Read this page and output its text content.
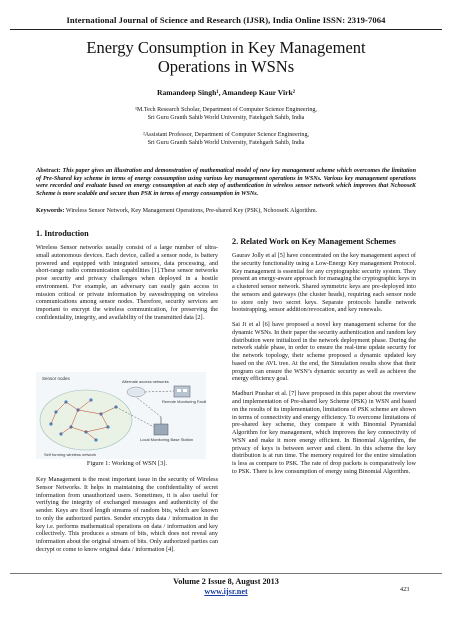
International Journal of Science and Research (IJSR), India Online ISSN: 2319-7064
Energy Consumption in Key Management
Operations in WSNs
Ramandeep Singh¹, Amandeep Kaur Virk²
¹M.Tech Research Scholar, Department of Computer Science Engineering,
Sri Guru Granth Sahib World University, Fatehgarh Sahib, India
²Assistant Professor, Department of Computer Science Engineering,
Sri Guru Granth Sahib World University, Fatehgarh Sahib, India
Abstract: This paper gives an illustration and demonstration of mathematical model of new key management scheme which overcomes the limitation of Pre-Shared key scheme in terms of energy consumption using various key management operations in WSNs. Various key management operations were recorded and evaluate based on energy consumption at each step of authentication in wireless sensor network which improves that NchooseK Scheme is more scalable and secure than PSK in terms of energy consumption in WSNs.
Keywords: Wireless Sensor Network, Key Management Operations, Pre-shared Key (PSK), NchooseK Algorithm.
1. Introduction

Wireless Sensor networks usually consist of a large number of ultra-small autonomous devices. Each device, called a sensor node, is battery powered and equipped with integrated sensors, data processing, and short-range radio communication capabilities [1].These sensor networks pose security and privacy challenges when deployed in a hostile environment. For example, an adversary can easily gain access to mission critical or private information by eavesdropping on wireless communications among sensor nodes. Therefore, security services are important to encrypt the wireless communication, for preserving the confidentiality, integrity, and availability of the transmitted data [2].

Sensor nodes
Alternate access networks
Remote Monitoring Facility
Local Monitoring Base Station
Self forming wireless network
Figure 1: Working of WSN [3].

Key Management is the most important issue in the security of Wireless Sensor Networks. It helps in maintaining the confidentiality of secret information from unauthorized users. Sometimes, it is also useful for verifying the integrity of exchanged messages and authenticity of the sender. Keys are fixed length streams of random bits, which are known to only the authorized parties. Sender encrypts data / information in the key i.e. performs mathematical operations on data / information and key collectively. This produces a stream of bits, which does not reveal any information about the original stream of bits. Only authorized parties can decrypt or come to know original data / information [4].

2. Related Work on Key Management Schemes

Gaurav Jolly et al [5] have concentrated on the key management aspect of the security functionality using a Low-Energy Key management Protocol. Key management is essential for any cryptographic security system. They present an energy-aware approach for managing the cryptographic keys in a clustered sensor network. Shared symmetric keys are pre-deployed into the sensors and gateways (the cluster heads), requiring each sensor node to store only two secret keys. Separate protocols handle network bootstrapping, sensor addition/revocation, and key renewals.

Sai Ji et al [6] have proposed a novel key management scheme for the dynamic WSNs. In their paper the security authentication and random key distribution were initialized in the network deployment phase. During the network stable phase, in order to ensure the real-time update security for the network topology, their scheme proposed a dynamic updated key based on the AVL tree. At the end, the Simulation results show that their program can ensure the WSN’s dynamic security as well as achieve the energy efficiency goal.

Madhuri Prashar et al. [7] have proposed in this paper about the overview and implementation of Pre-shared key Scheme (PSK) in WSN and based on the results of its implementation, limitations of PSK scheme are shown in terms of connectivity and energy efficiency. To overcome limitations of pre-shared key scheme, they compare it with Binomial Pyramidal Algorithm for key management, which improves the key connectivity of WSN and make it more energy efficient. In Binomial Algorithm, the privacy of keys is between server and client. In this scheme the key distribution is at run time. The memory required for the entire simulation is less as compare to PSK. The rate of drop packets is comparatively low to PSK. There is low consumption of energy using Binomial Algorithm.

Volume 2 Issue 8, August 2013
www.ijsr.net	423
